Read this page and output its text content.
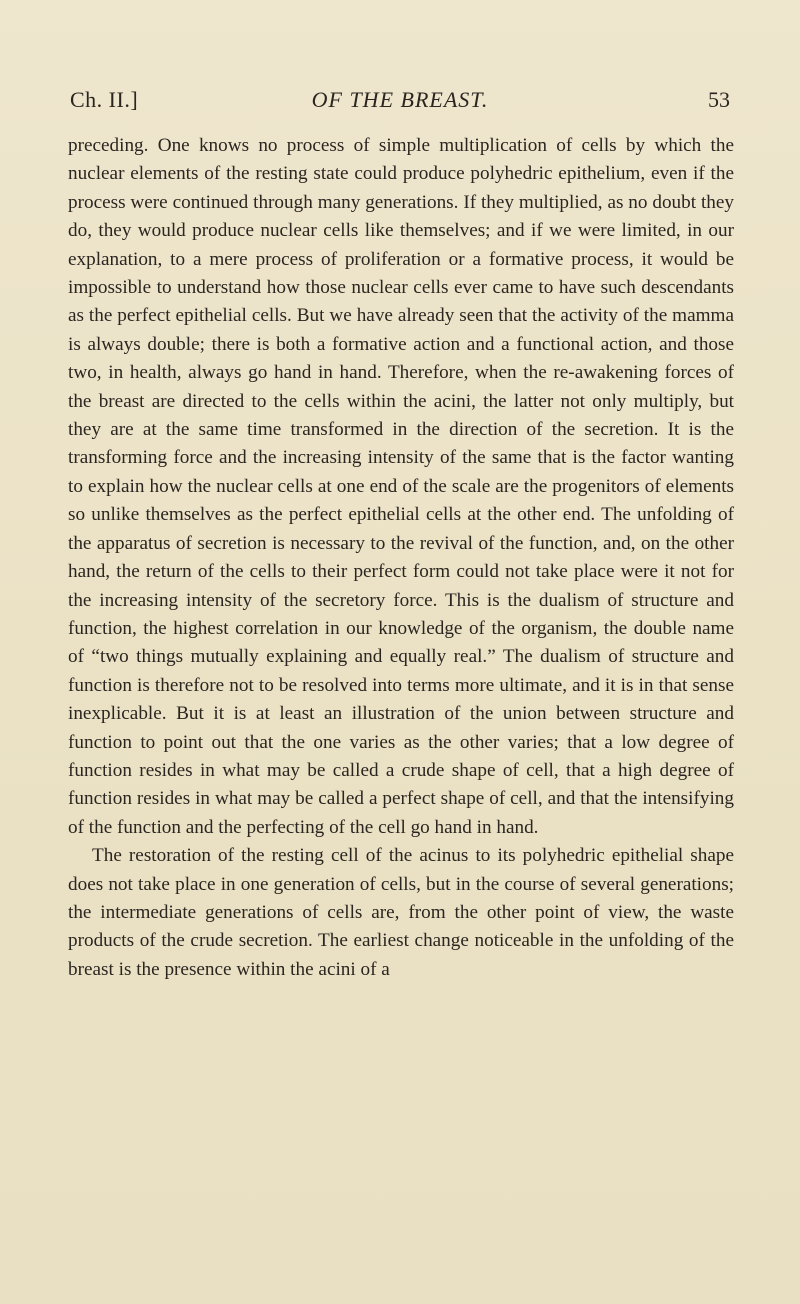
Ch. II.]	OF THE BREAST.	53

preceding. One knows no process of simple multiplication of cells by which the nuclear elements of the resting state could produce polyhedric epithelium, even if the process were continued through many generations. If they multiplied, as no doubt they do, they would produce nuclear cells like themselves; and if we were limited, in our explanation, to a mere process of proliferation or a formative process, it would be impossible to understand how those nuclear cells ever came to have such descendants as the perfect epithelial cells. But we have already seen that the activity of the mamma is always double; there is both a formative action and a functional action, and those two, in health, always go hand in hand. Therefore, when the re-awakening forces of the breast are directed to the cells within the acini, the latter not only multiply, but they are at the same time transformed in the direction of the secretion. It is the transforming force and the increasing intensity of the same that is the factor wanting to explain how the nuclear cells at one end of the scale are the progenitors of elements so unlike themselves as the perfect epithelial cells at the other end. The unfolding of the apparatus of secretion is necessary to the revival of the function, and, on the other hand, the return of the cells to their perfect form could not take place were it not for the increasing intensity of the secretory force. This is the dualism of structure and function, the highest correlation in our knowledge of the organism, the double name of “two things mutually explaining and equally real.” The dualism of structure and function is therefore not to be resolved into terms more ultimate, and it is in that sense inexplicable. But it is at least an illustration of the union between structure and function to point out that the one varies as the other varies; that a low degree of function resides in what may be called a crude shape of cell, that a high degree of function resides in what may be called a perfect shape of cell, and that the intensifying of the function and the perfecting of the cell go hand in hand.

The restoration of the resting cell of the acinus to its polyhedric epithelial shape does not take place in one generation of cells, but in the course of several generations; the intermediate generations of cells are, from the other point of view, the waste products of the crude secretion. The earliest change noticeable in the unfolding of the breast is the presence within the acini of a
